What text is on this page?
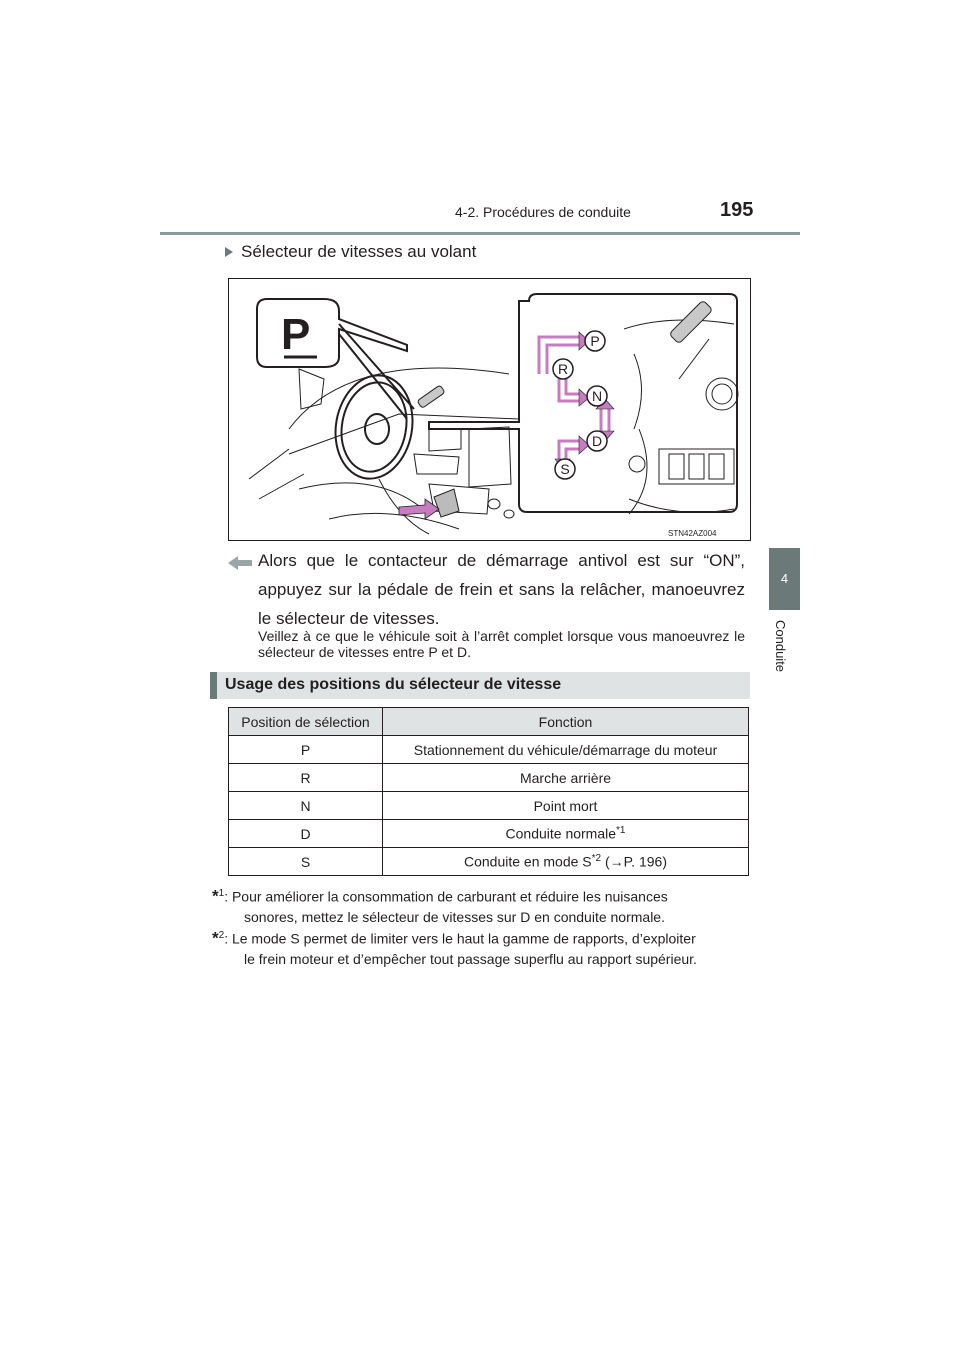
4-2. Procédures de conduite	195
4
Conduite
Sélecteur de vitesses au volant
P	P
R
N
D
S
STN42AZ004
Alors que le contacteur de démarrage antivol est sur “ON”, appuyez sur la pédale de frein et sans la relâcher, manoeuvrez le sélecteur de vitesses.
Veillez à ce que le véhicule soit à l’arrêt complet lorsque vous manoeuvrez le sélecteur de vitesses entre P et D.
Usage des positions du sélecteur de vitesse
Position de sélection	Fonction
P	Stationnement du véhicule/démarrage du moteur
R	Marche arrière
N	Point mort
D	Conduite normale$^{*1}$
S	Conduite en mode $S^{*2}$ (→P. 196)
*$^1$: Pour améliorer la consommation de carburant et réduire les nuisances
sonores, mettez le sélecteur de vitesses sur D en conduite normale.
*$^2$: Le mode S permet de limiter vers le haut la gamme de rapports, d’exploiter
le frein moteur et d’empêcher tout passage superflu au rapport supérieur.
